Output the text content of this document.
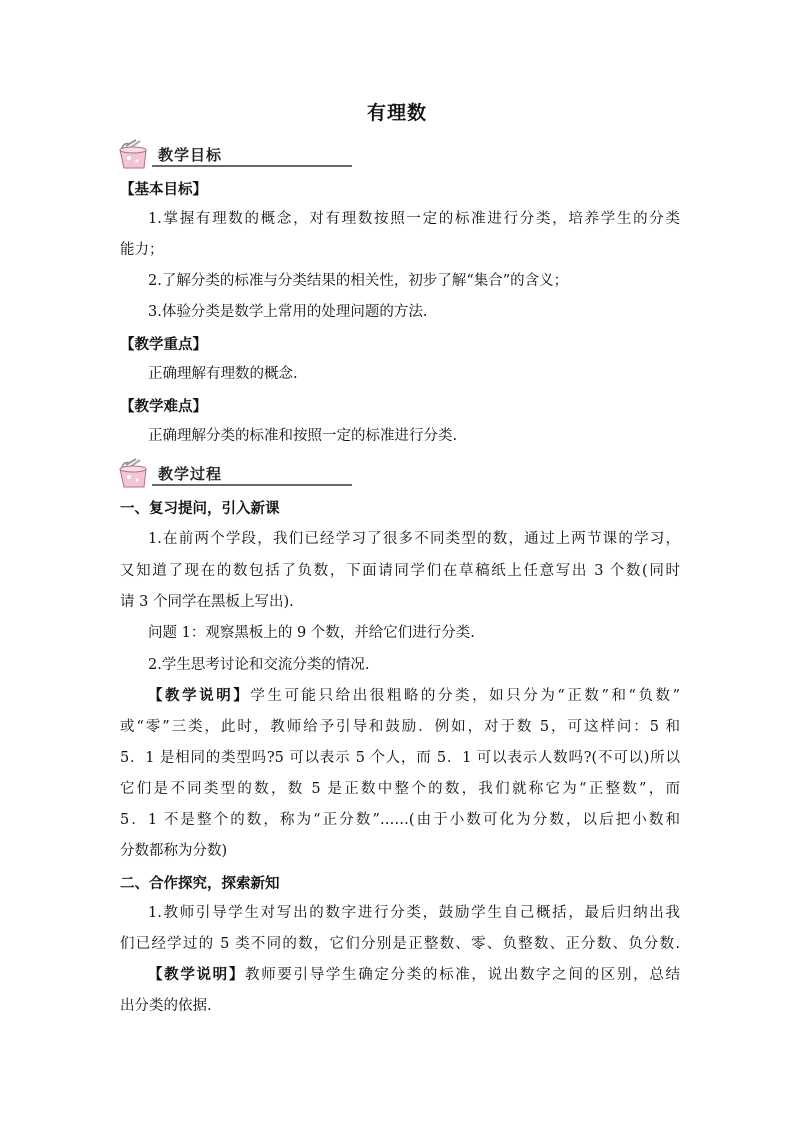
有理数
教学目标
【基本目标】
1.掌握有理数的概念，对有理数按照一定的标准进行分类，培养学生的分类
能力；
2.了解分类的标准与分类结果的相关性，初步了解“集合”的含义；
3.体验分类是数学上常用的处理问题的方法.
【教学重点】
正确理解有理数的概念.
【教学难点】
正确理解分类的标准和按照一定的标准进行分类.
教学过程
一、复习提问，引入新课
1.在前两个学段，我们已经学习了很多不同类型的数，通过上两节课的学习，
又知道了现在的数包括了负数，下面请同学们在草稿纸上任意写出 3 个数(同时
请 3 个同学在黑板上写出).
问题 1：观察黑板上的 9 个数，并给它们进行分类.
2.学生思考讨论和交流分类的情况.
【教学说明】学生可能只给出很粗略的分类，如只分为“正数”和“负数”
或“零”三类，此时，教师给予引导和鼓励．例如，对于数 5，可这样问：5 和
5．1 是相同的类型吗?5 可以表示 5 个人，而 5．1 可以表示人数吗?(不可以)所以
它们是不同类型的数，数 5 是正数中整个的数，我们就称它为“正整数”，而
5．1 不是整个的数，称为“正分数”……(由于小数可化为分数，以后把小数和
分数都称为分数)
二、合作探究，探索新知
1.教师引导学生对写出的数字进行分类，鼓励学生自己概括，最后归纳出我
们已经学过的 5 类不同的数，它们分别是正整数、零、负整数、正分数、负分数.
【教学说明】教师要引导学生确定分类的标准，说出数字之间的区别，总结
出分类的依据.
